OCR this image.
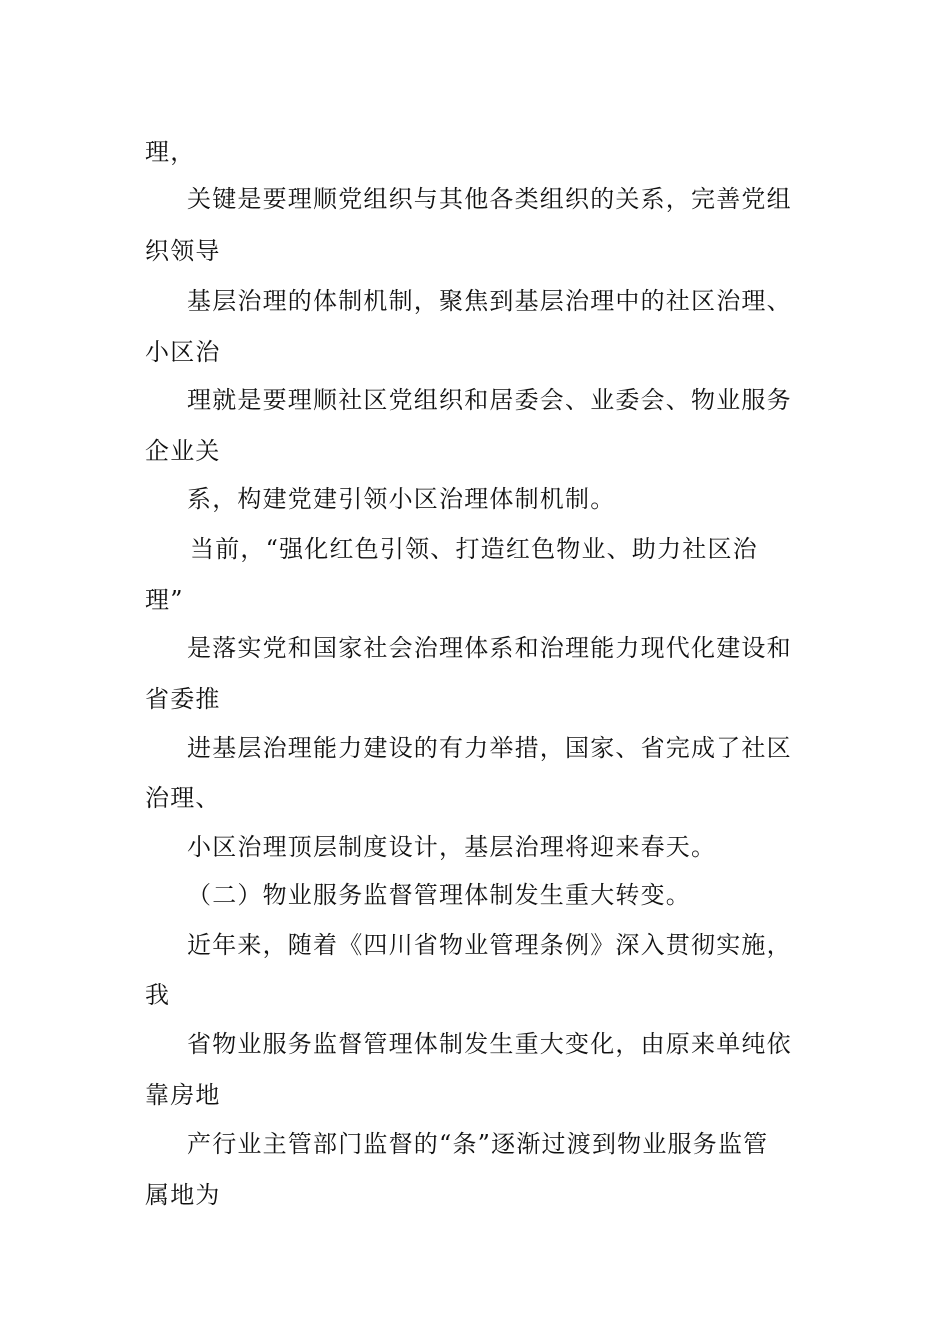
理，
关键是要理顺党组织与其他各类组织的关系，完善党组
织领导
基层治理的体制机制，聚焦到基层治理中的社区治理、
小区治
理就是要理顺社区党组织和居委会、业委会、物业服务
企业关
系，构建党建引领小区治理体制机制。
当前，“强化红色引领、打造红色物业、助力社区治
理”
是落实党和国家社会治理体系和治理能力现代化建设和
省委推
进基层治理能力建设的有力举措，国家、省完成了社区
治理、
小区治理顶层制度设计，基层治理将迎来春天。
（二）物业服务监督管理体制发生重大转变。
近年来，随着《四川省物业管理条例》深入贯彻实施，
我
省物业服务监督管理体制发生重大变化，由原来单纯依
靠房地
产行业主管部门监督的“条”逐渐过渡到物业服务监管
属地为
